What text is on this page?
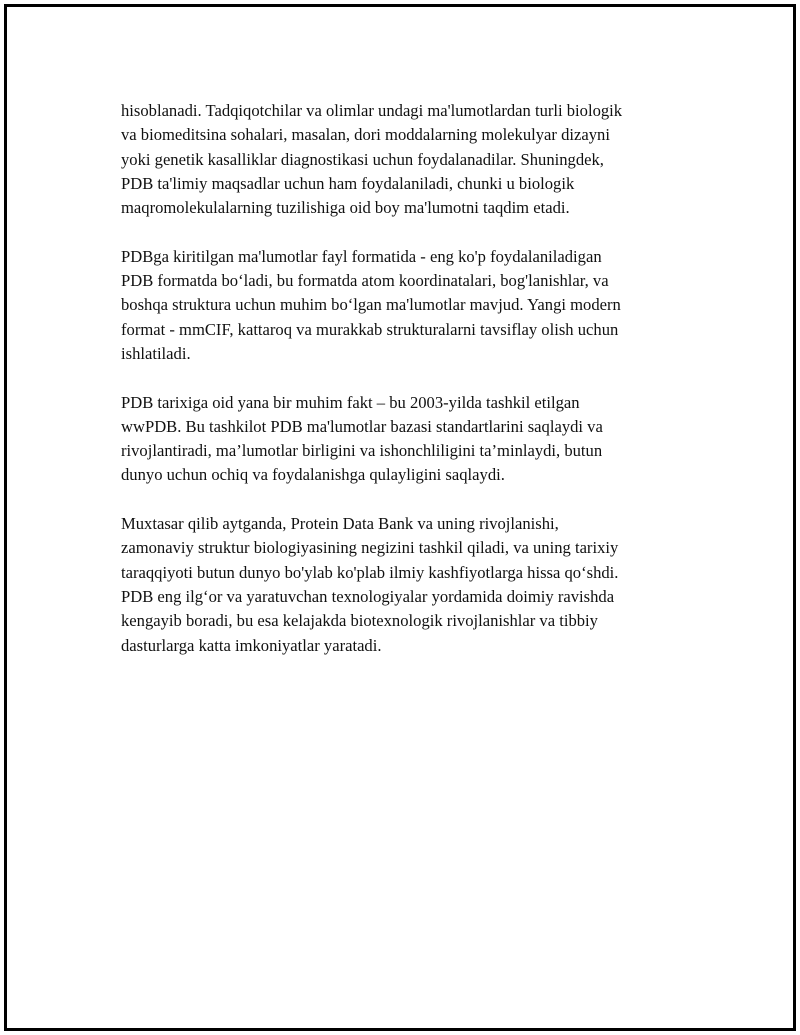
hisoblanadi. Tadqiqotchilar va olimlar undagi ma'lumotlardan turli biologik
va biomeditsina sohalari, masalan, dori moddalarning molekulyar dizayni
yoki genetik kasalliklar diagnostikasi uchun foydalanadilar. Shuningdek,
PDB ta'limiy maqsadlar uchun ham foydalaniladi, chunki u biologik
maqromolekulalarning tuzilishiga oid boy ma'lumotni taqdim etadi.

PDBga kiritilgan ma'lumotlar fayl formatida - eng ko'p foydalaniladigan
PDB formatda bo‘ladi, bu formatda atom koordinatalari, bog'lanishlar, va
boshqa struktura uchun muhim bo‘lgan ma'lumotlar mavjud. Yangi modern
format - mmCIF, kattaroq va murakkab strukturalarni tavsiflay olish uchun
ishlatiladi.

PDB tarixiga oid yana bir muhim fakt – bu 2003-yilda tashkil etilgan
wwPDB. Bu tashkilot PDB ma'lumotlar bazasi standartlarini saqlaydi va
rivojlantiradi, ma’lumotlar birligini va ishonchliligini ta’minlaydi, butun
dunyo uchun ochiq va foydalanishga qulayligini saqlaydi.

Muxtasar qilib aytganda, Protein Data Bank va uning rivojlanishi,
zamonaviy struktur biologiyasining negizini tashkil qiladi, va uning tarixiy
taraqqiyoti butun dunyo bo'ylab ko'plab ilmiy kashfiyotlarga hissa qo‘shdi.
PDB eng ilg‘or va yaratuvchan texnologiyalar yordamida doimiy ravishda
kengayib boradi, bu esa kelajakda biotexnologik rivojlanishlar va tibbiy
dasturlarga katta imkoniyatlar yaratadi.
